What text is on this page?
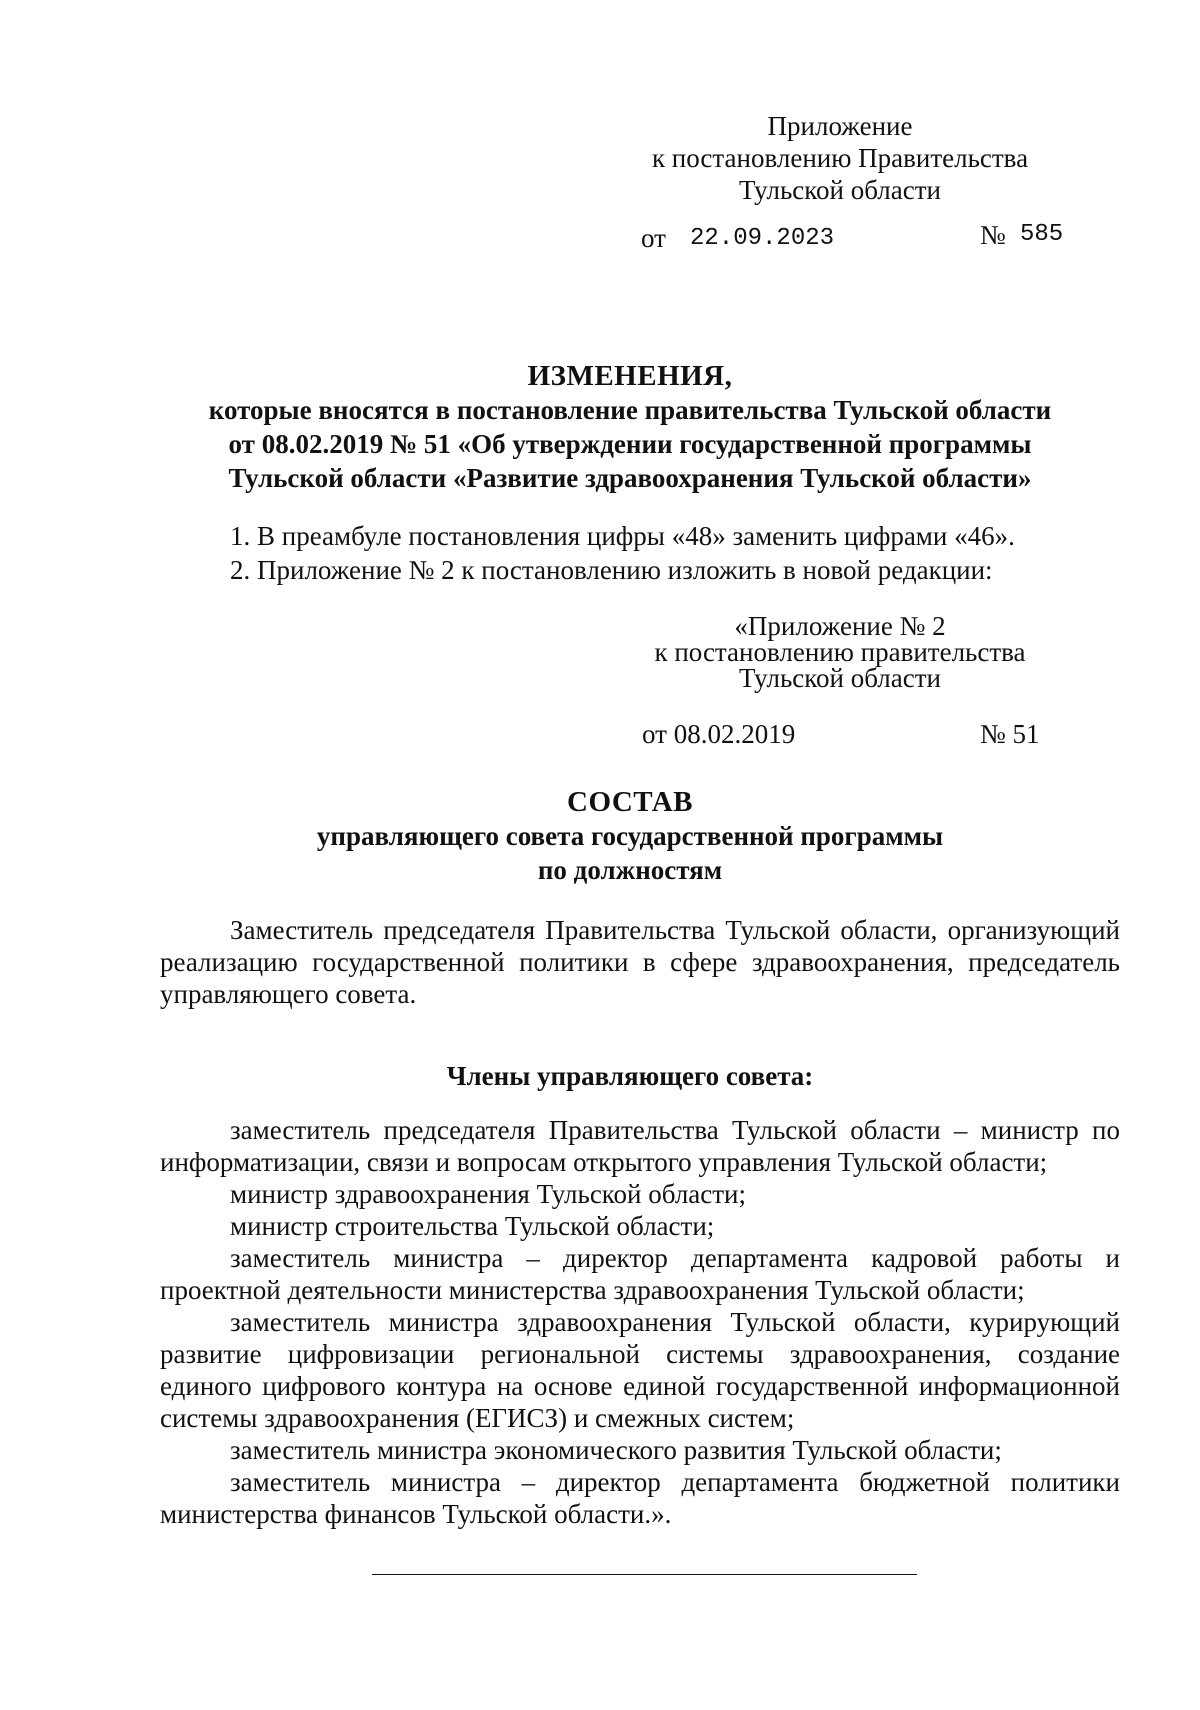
Приложение
к постановлению Правительства
Тульской области
от 22.09.2023	№ 585
ИЗМЕНЕНИЯ,
которые вносятся в постановление правительства Тульской области
от 08.02.2019 № 51 «Об утверждении государственной программы
Тульской области «Развитие здравоохранения Тульской области»
1. В преамбуле постановления цифры «48» заменить цифрами «46».
2. Приложение № 2 к постановлению изложить в новой редакции:
«Приложение № 2
к постановлению правительства
Тульской области
от 08.02.2019	№ 51
СОСТАВ
управляющего совета государственной программы
по должностям

Заместитель председателя Правительства Тульской области, организующий реализацию государственной политики в сфере здравоохранения, председатель управляющего совета.

Члены управляющего совета:

заместитель председателя Правительства Тульской области – министр по информатизации, связи и вопросам открытого управления Тульской области;

министр здравоохранения Тульской области;

министр строительства Тульской области;

заместитель министра – директор департамента кадровой работы и проектной деятельности министерства здравоохранения Тульской области;

заместитель министра здравоохранения Тульской области, курирующий развитие цифровизации региональной системы здравоохранения, создание единого цифрового контура на основе единой государственной информационной системы здравоохранения (ЕГИСЗ) и смежных систем;

заместитель министра экономического развития Тульской области;

заместитель министра – директор департамента бюджетной политики министерства финансов Тульской области.».
